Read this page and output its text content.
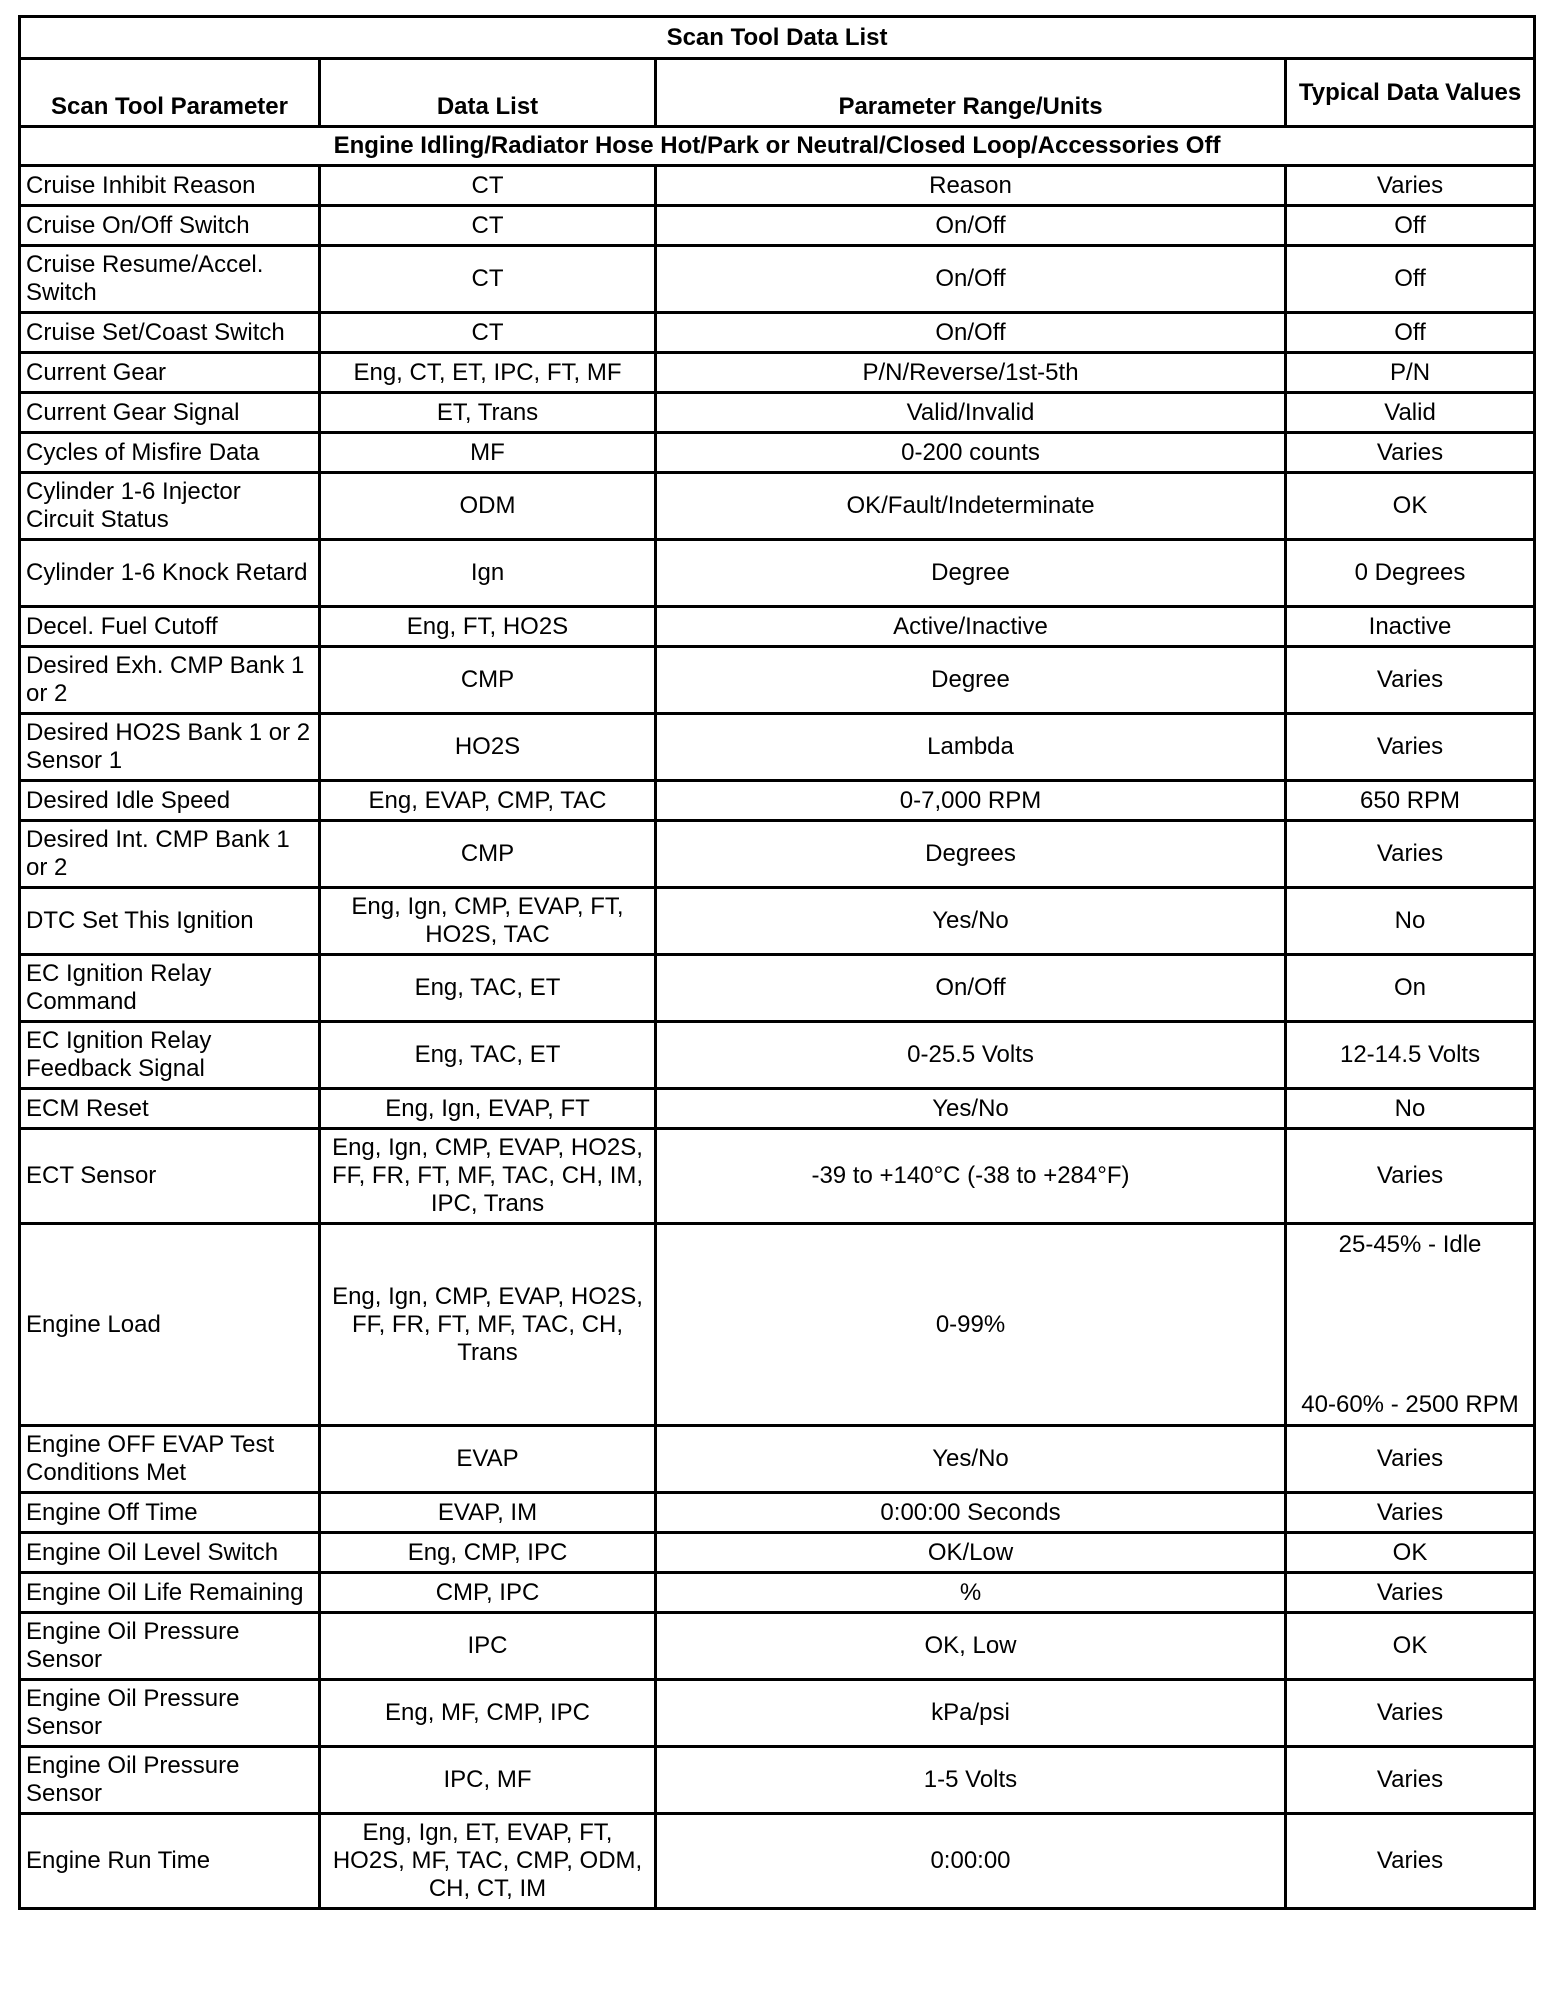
Scan Tool Data List			
Scan Tool Parameter	Data List	Parameter Range/Units	Typical Data Values
Engine Idling/Radiator Hose Hot/Park or Neutral/Closed Loop/Accessories Off			
Cruise Inhibit Reason	CT	Reason	Varies
Cruise On/Off Switch	CT	On/Off	Off
Cruise Resume/Accel. Switch	CT	On/Off	Off
Cruise Set/Coast Switch	CT	On/Off	Off
Current Gear	Eng, CT, ET, IPC, FT, MF	P/N/Reverse/1st-5th	P/N
Current Gear Signal	ET, Trans	Valid/Invalid	Valid
Cycles of Misfire Data	MF	0-200 counts	Varies
Cylinder 1-6 Injector Circuit Status	ODM	OK/Fault/Indeterminate	OK
Cylinder 1-6 Knock Retard	Ign	Degree	0 Degrees
Decel. Fuel Cutoff	Eng, FT, HO2S	Active/Inactive	Inactive
Desired Exh. CMP Bank 1 or 2	CMP	Degree	Varies
Desired HO2S Bank 1 or 2 Sensor 1	HO2S	Lambda	Varies
Desired Idle Speed	Eng, EVAP, CMP, TAC	0-7,000 RPM	650 RPM
Desired Int. CMP Bank 1 or 2	CMP	Degrees	Varies
DTC Set This Ignition	Eng, Ign, CMP, EVAP, FT, HO2S, TAC	Yes/No	No
EC Ignition Relay Command	Eng, TAC, ET	On/Off	On
EC Ignition Relay Feedback Signal	Eng, TAC, ET	0-25.5 Volts	12-14.5 Volts
ECM Reset	Eng, Ign, EVAP, FT	Yes/No	No
ECT Sensor	Eng, Ign, CMP, EVAP, HO2S, FF, FR, FT, MF, TAC, CH, IM, IPC, Trans	-39 to +140°C (-38 to +284°F)	Varies
Engine Load	Eng, Ign, CMP, EVAP, HO2S, FF, FR, FT, MF, TAC, CH, Trans	0-99%	25-45% - Idle
40-60% - 2500 RPM

Engine OFF EVAP Test Conditions Met	EVAP	Yes/No	Varies
Engine Off Time	EVAP, IM	0:00:00 Seconds	Varies
Engine Oil Level Switch	Eng, CMP, IPC	OK/Low	OK
Engine Oil Life Remaining	CMP, IPC	%	Varies
Engine Oil Pressure Sensor	IPC	OK, Low	OK
Engine Oil Pressure Sensor	Eng, MF, CMP, IPC	kPa/psi	Varies
Engine Oil Pressure Sensor	IPC, MF	1-5 Volts	Varies
Engine Run Time	Eng, Ign, ET, EVAP, FT, HO2S, MF, TAC, CMP, ODM, CH, CT, IM	0:00:00	Varies
